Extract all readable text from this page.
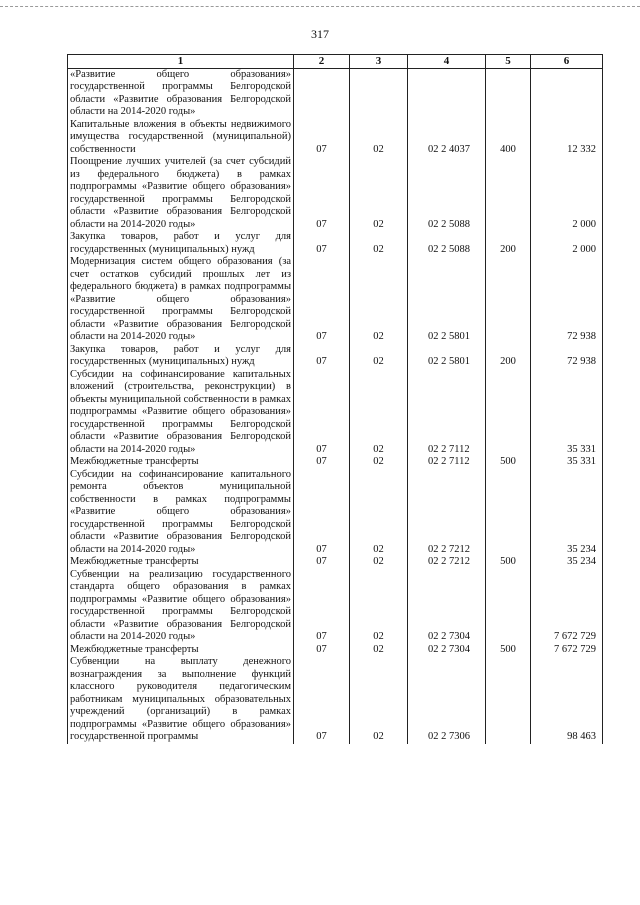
317
1	2	3	4	5	6
«Развитие общего образования» государственной программы Белгородской области «Развитие образования Белгородской области на 2014-2020 годы»					
Капитальные вложения в объекты недвижимого имущества государственной (муниципальной) собственности	07	02	02 2 4037	400	12 332
Поощрение лучших учителей (за счет субсидий из федерального бюджета) в рамках подпрограммы «Развитие общего образования» государственной программы Белгородской области «Развитие образования Белгородской области на 2014-2020 годы»	07	02	02 2 5088		2 000
Закупка товаров, работ и услуг для государственных (муниципальных) нужд	07	02	02 2 5088	200	2 000
Модернизация систем общего образования (за счет остатков субсидий прошлых лет из федерального бюджета) в рамках подпрограммы «Развитие общего образования» государственной программы Белгородской области «Развитие образования Белгородской области на 2014-2020 годы»	07	02	02 2 5801		72 938
Закупка товаров, работ и услуг для государственных (муниципальных) нужд	07	02	02 2 5801	200	72 938
Субсидии на софинансирование капитальных вложений (строительства, реконструкции) в объекты муниципальной собственности в рамках подпрограммы «Развитие общего образования» государственной программы Белгородской области «Развитие образования Белгородской области на 2014-2020 годы»	07	02	02 2 7112		35 331
Межбюджетные трансферты	07	02	02 2 7112	500	35 331
Субсидии на софинансирование капитального ремонта объектов муниципальной собственности в рамках подпрограммы «Развитие общего образования» государственной программы Белгородской области «Развитие образования Белгородской области на 2014-2020 годы»	07	02	02 2 7212		35 234
Межбюджетные трансферты	07	02	02 2 7212	500	35 234
Субвенции на реализацию государственного стандарта общего образования в рамках подпрограммы «Развитие общего образования» государственной программы Белгородской области «Развитие образования Белгородской области на 2014-2020 годы»	07	02	02 2 7304		7 672 729
Межбюджетные трансферты	07	02	02 2 7304	500	7 672 729
Субвенции на выплату денежного вознаграждения за выполнение функций классного руководителя педагогическим работникам муниципальных образовательных учреждений (организаций) в рамках подпрограммы «Развитие общего образования» государственной программы	07	02	02 2 7306		98 463
